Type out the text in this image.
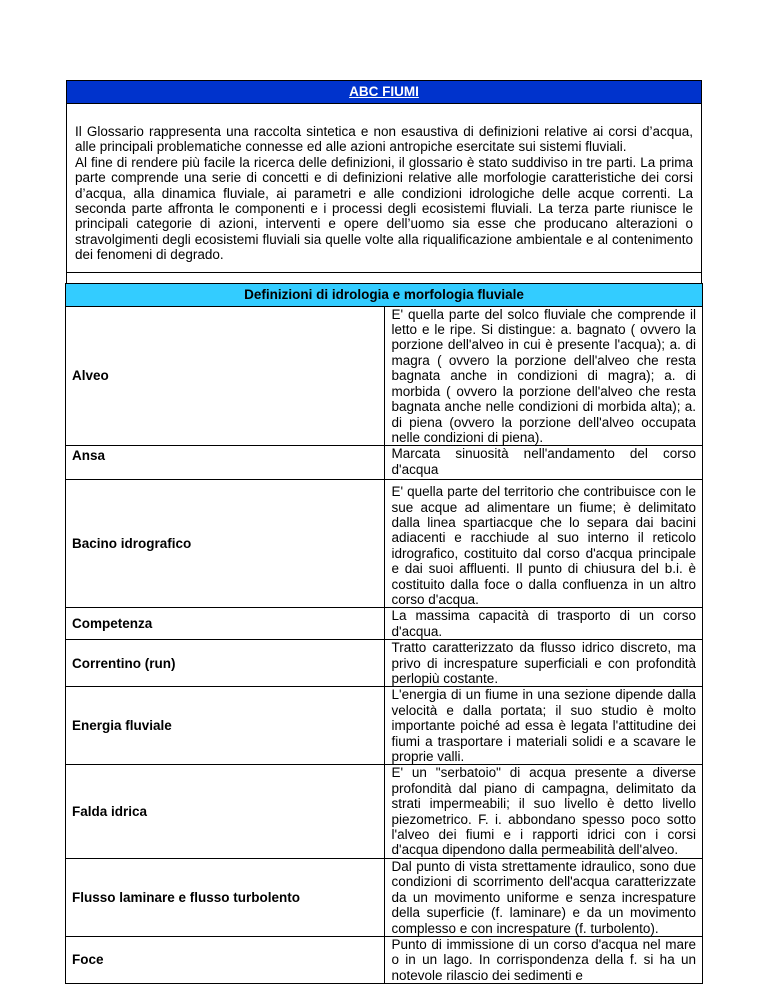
ABC FIUMI

Il Glossario rappresenta una raccolta sintetica e non esaustiva di definizioni relative ai corsi d’acqua, alle principali problematiche connesse ed alle azioni antropiche esercitate sui sistemi fluviali.

Al fine di rendere più facile la ricerca delle definizioni, il glossario è stato suddiviso in tre parti. La prima parte comprende una serie di concetti e di definizioni relative alle morfologie caratteristiche dei corsi d’acqua, alla dinamica fluviale, ai parametri e alle condizioni idrologiche delle acque correnti. La seconda parte affronta le componenti e i processi degli ecosistemi fluviali. La terza parte riunisce le principali categorie di azioni, interventi e opere dell’uomo sia esse che producano alterazioni o stravolgimenti degli ecosistemi fluviali sia quelle volte alla riqualificazione ambientale e al contenimento dei fenomeni di degrado.

Definizioni di idrologia e morfologia fluviale	
Alveo	E' quella parte del solco fluviale che comprende il letto e le ripe. Si distingue: a. bagnato ( ovvero la porzione dell'alveo in cui è presente l'acqua); a. di magra ( ovvero la porzione dell'alveo che resta bagnata anche in condizioni di magra); a. di morbida ( ovvero la porzione dell'alveo che resta bagnata anche nelle condizioni di morbida alta); a. di piena (ovvero la porzione dell'alveo occupata nelle condizioni di piena).
Ansa	Marcata sinuosità nell'andamento del corso d'acqua
Bacino idrografico	E' quella parte del territorio che contribuisce con le sue acque ad alimentare un fiume; è delimitato dalla linea spartiacque che lo separa dai bacini adiacenti e racchiude al suo interno il reticolo idrografico, costituito dal corso d'acqua principale e dai suoi affluenti. Il punto di chiusura del b.i. è costituito dalla foce o dalla confluenza in un altro corso d'acqua.
Competenza	La massima capacità di trasporto di un corso d'acqua.
Correntino (run)	Tratto caratterizzato da flusso idrico discreto, ma privo di increspature superficiali e con profondità perlopiù costante.
Energia fluviale	L'energia di un fiume in una sezione dipende dalla velocità e dalla portata; il suo studio è molto importante poiché ad essa è legata l'attitudine dei fiumi a trasportare i materiali solidi e a scavare le proprie valli.
Falda idrica	E' un "serbatoio" di acqua presente a diverse profondità dal piano di campagna, delimitato da strati impermeabili; il suo livello è detto livello piezometrico. F. i. abbondano spesso poco sotto l'alveo dei fiumi e i rapporti idrici con i corsi d'acqua dipendono dalla permeabilità dell'alveo.
Flusso laminare e flusso turbolento	Dal punto di vista strettamente idraulico, sono due condizioni di scorrimento dell'acqua caratterizzate da un movimento uniforme e senza increspature della superficie (f. laminare) e da un movimento complesso e con increspature (f. turbolento).
Foce	Punto di immissione di un corso d'acqua nel mare o in un lago. In corrispondenza della f. si ha un notevole rilascio dei sedimenti e
